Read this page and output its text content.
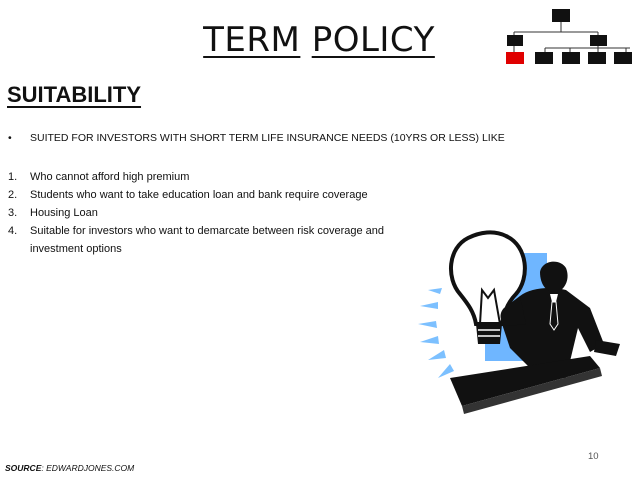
TERM POLICY
SUITABILITY
• SUITED FOR INVESTORS WITH SHORT TERM LIFE INSURANCE NEEDS (10YRS OR LESS) LIKE
1. Who cannot afford high premium
2. Students who want to take education loan and bank require coverage
3. Housing Loan
4. Suitable for investors who want to demarcate between risk coverage and
investment options
10
SOURCE: EDWARDJONES.COM
